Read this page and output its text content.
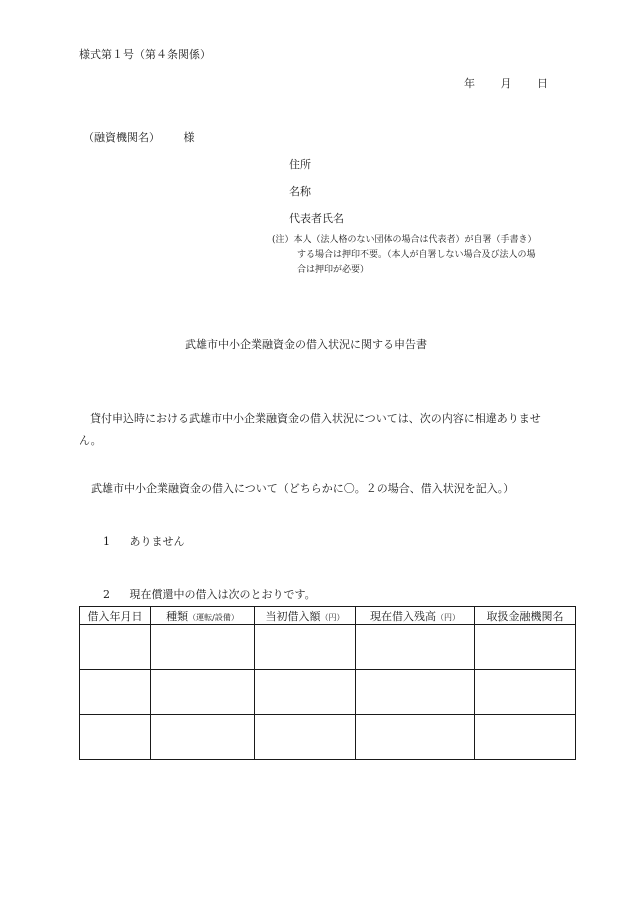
様式第１号（第４条関係）
年 月 日
（融資機関名） 様
住所
名称
代表者氏名
(注）本人（法人格のない団体の場合は代表者）が自署（手書き）
する場合は押印不要。（本人が自署しない場合及び法人の場
合は押印が必要）
武雄市中小企業融資金の借入状況に関する申告書
貸付申込時における武雄市中小企業融資金の借入状況については、次の内容に相違ありません。
武雄市中小企業融資金の借入について（どちらかに〇。２の場合、借入状況を記入。）
1 ありません
2 現在償還中の借入は次のとおりです。
借入年月日	種類（運転/設備）	当初借入額（円）	現在借入残高（円）	取扱金融機関名
